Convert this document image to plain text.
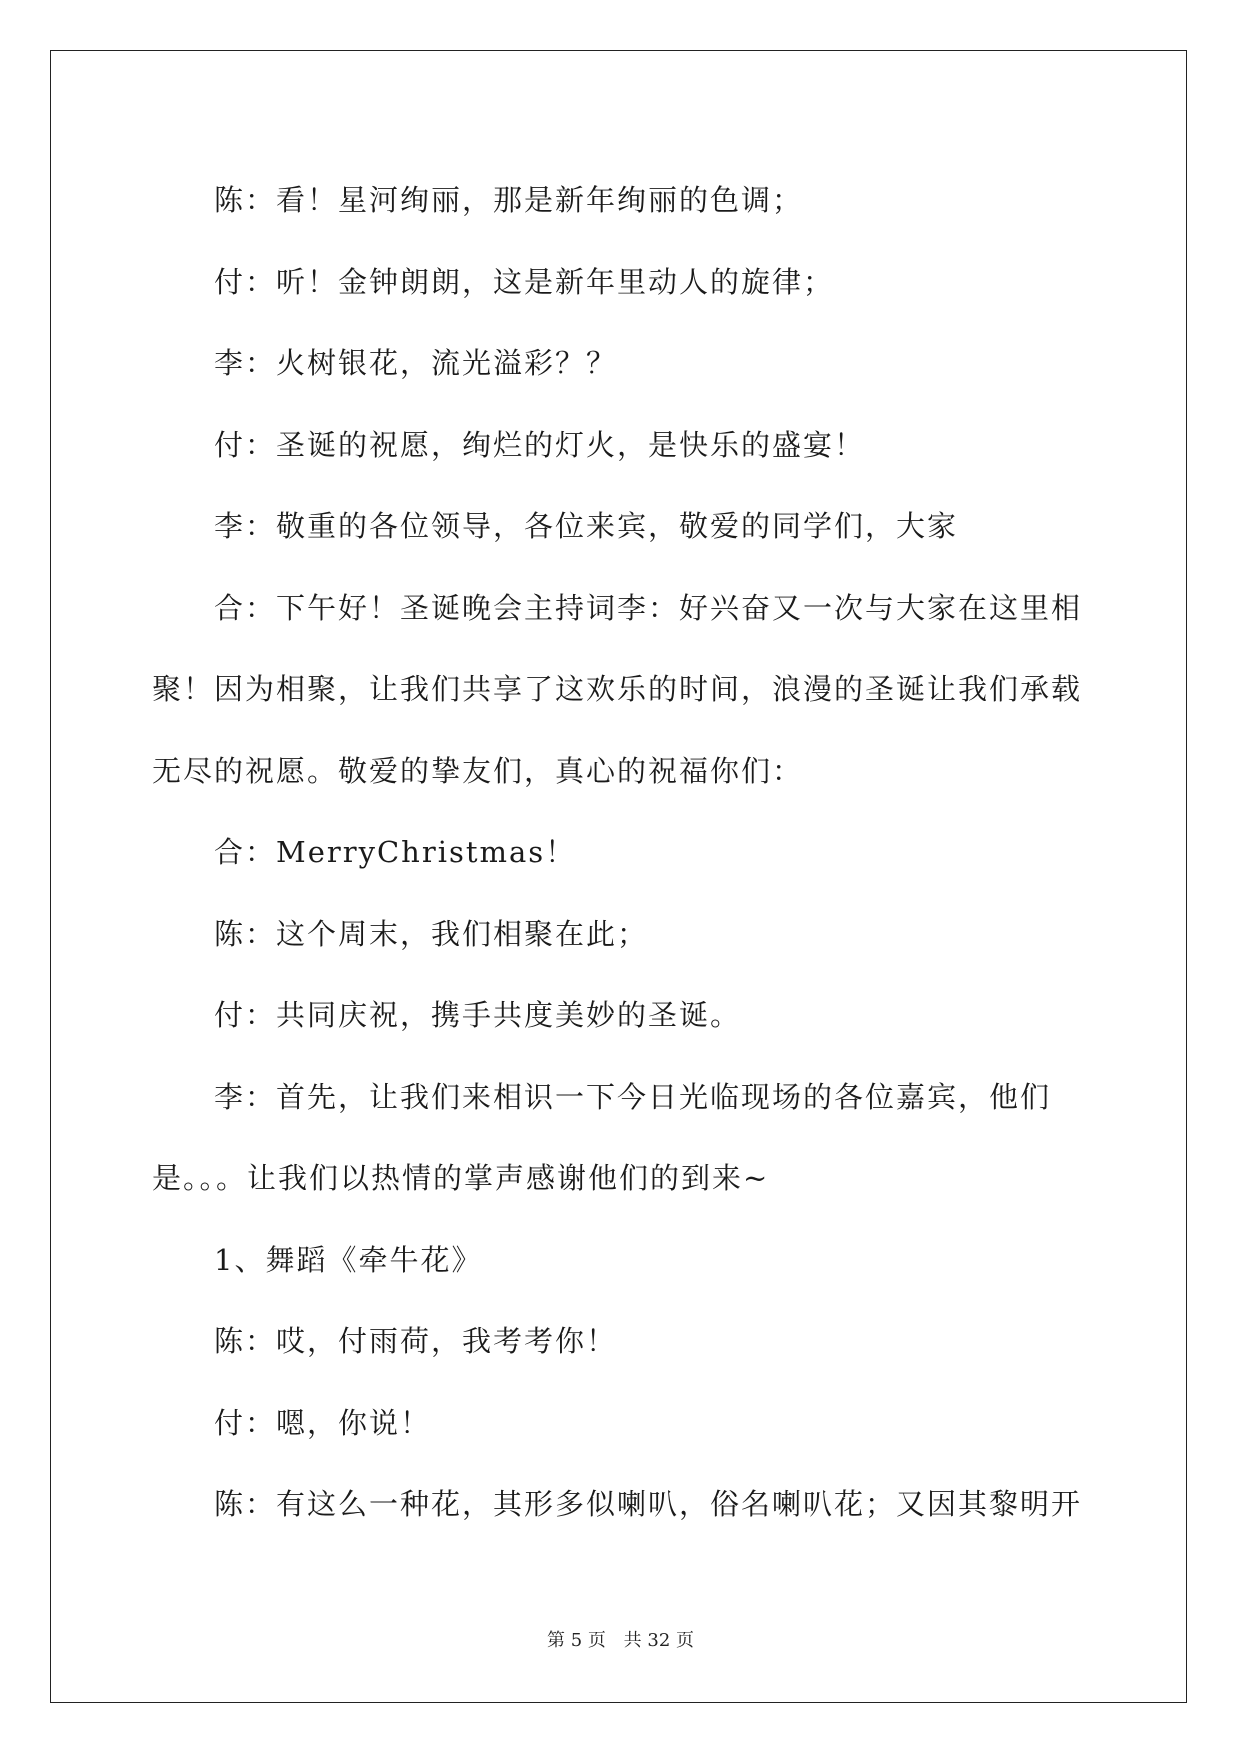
陈：看！星河绚丽，那是新年绚丽的色调；

付：听！金钟朗朗，这是新年里动人的旋律；

李：火树银花，流光溢彩？？

付：圣诞的祝愿，绚烂的灯火，是快乐的盛宴！

李：敬重的各位领导，各位来宾，敬爱的同学们，大家

合：下午好！圣诞晚会主持词李：好兴奋又一次与大家在这里相聚！因为相聚，让我们共享了这欢乐的时间，浪漫的圣诞让我们承载无尽的祝愿。敬爱的挚友们，真心的祝福你们：

合：MerryChristmas！

陈：这个周末，我们相聚在此；

付：共同庆祝，携手共度美妙的圣诞。

李：首先，让我们来相识一下今日光临现场的各位嘉宾，他们是。。。让我们以热情的掌声感谢他们的到来~

1、舞蹈《牵牛花》

陈：哎，付雨荷，我考考你！

付：嗯，你说！

陈：有这么一种花，其形多似喇叭，俗名喇叭花；又因其黎明开

第 5 页 共 32 页
